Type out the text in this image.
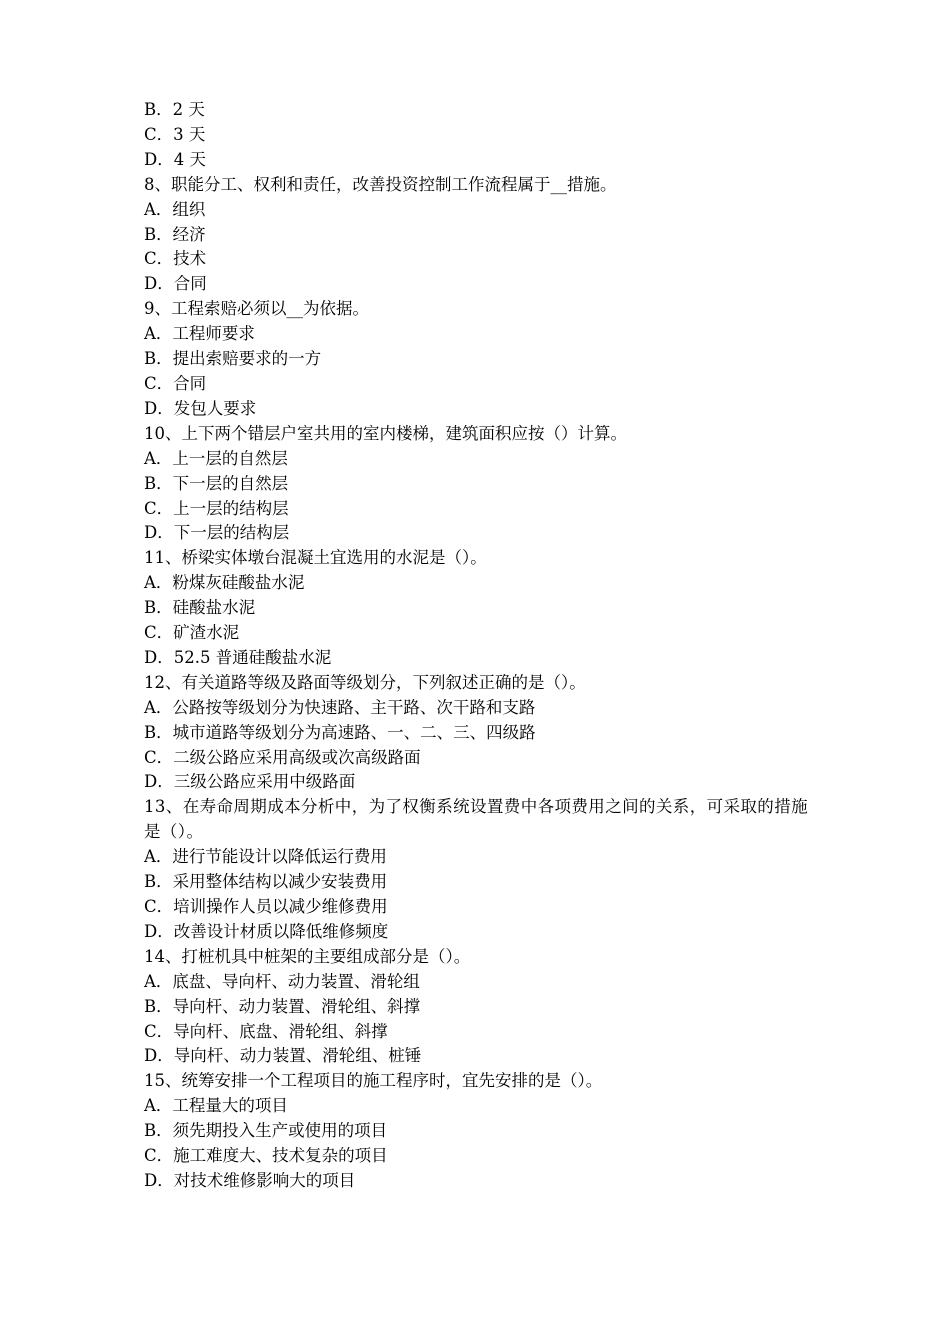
B．2 天

C．3 天

D．4 天

8、职能分工、权利和责任，改善投资控制工作流程属于__措施。

A．组织

B．经济

C．技术

D．合同

9、工程索赔必须以__为依据。

A．工程师要求

B．提出索赔要求的一方

C．合同

D．发包人要求

10、上下两个错层户室共用的室内楼梯，建筑面积应按（）计算。

A．上一层的自然层

B．下一层的自然层

C．上一层的结构层

D．下一层的结构层

11、桥梁实体墩台混凝土宜选用的水泥是（）。

A．粉煤灰硅酸盐水泥

B．硅酸盐水泥

C．矿渣水泥

D．52.5 普通硅酸盐水泥

12、有关道路等级及路面等级划分，下列叙述正确的是（）。

A．公路按等级划分为快速路、主干路、次干路和支路

B．城市道路等级划分为高速路、一、二、三、四级路

C．二级公路应采用高级或次高级路面

D．三级公路应采用中级路面

13、在寿命周期成本分析中，为了权衡系统设置费中各项费用之间的关系，可采取的措施是（）。

A．进行节能设计以降低运行费用

B．采用整体结构以减少安装费用

C．培训操作人员以减少维修费用

D．改善设计材质以降低维修频度

14、打桩机具中桩架的主要组成部分是（）。

A．底盘、导向杆、动力装置、滑轮组

B．导向杆、动力装置、滑轮组、斜撑

C．导向杆、底盘、滑轮组、斜撑

D．导向杆、动力装置、滑轮组、桩锤

15、统筹安排一个工程项目的施工程序时，宜先安排的是（）。

A．工程量大的项目

B．须先期投入生产或使用的项目

C．施工难度大、技术复杂的项目

D．对技术维修影响大的项目
